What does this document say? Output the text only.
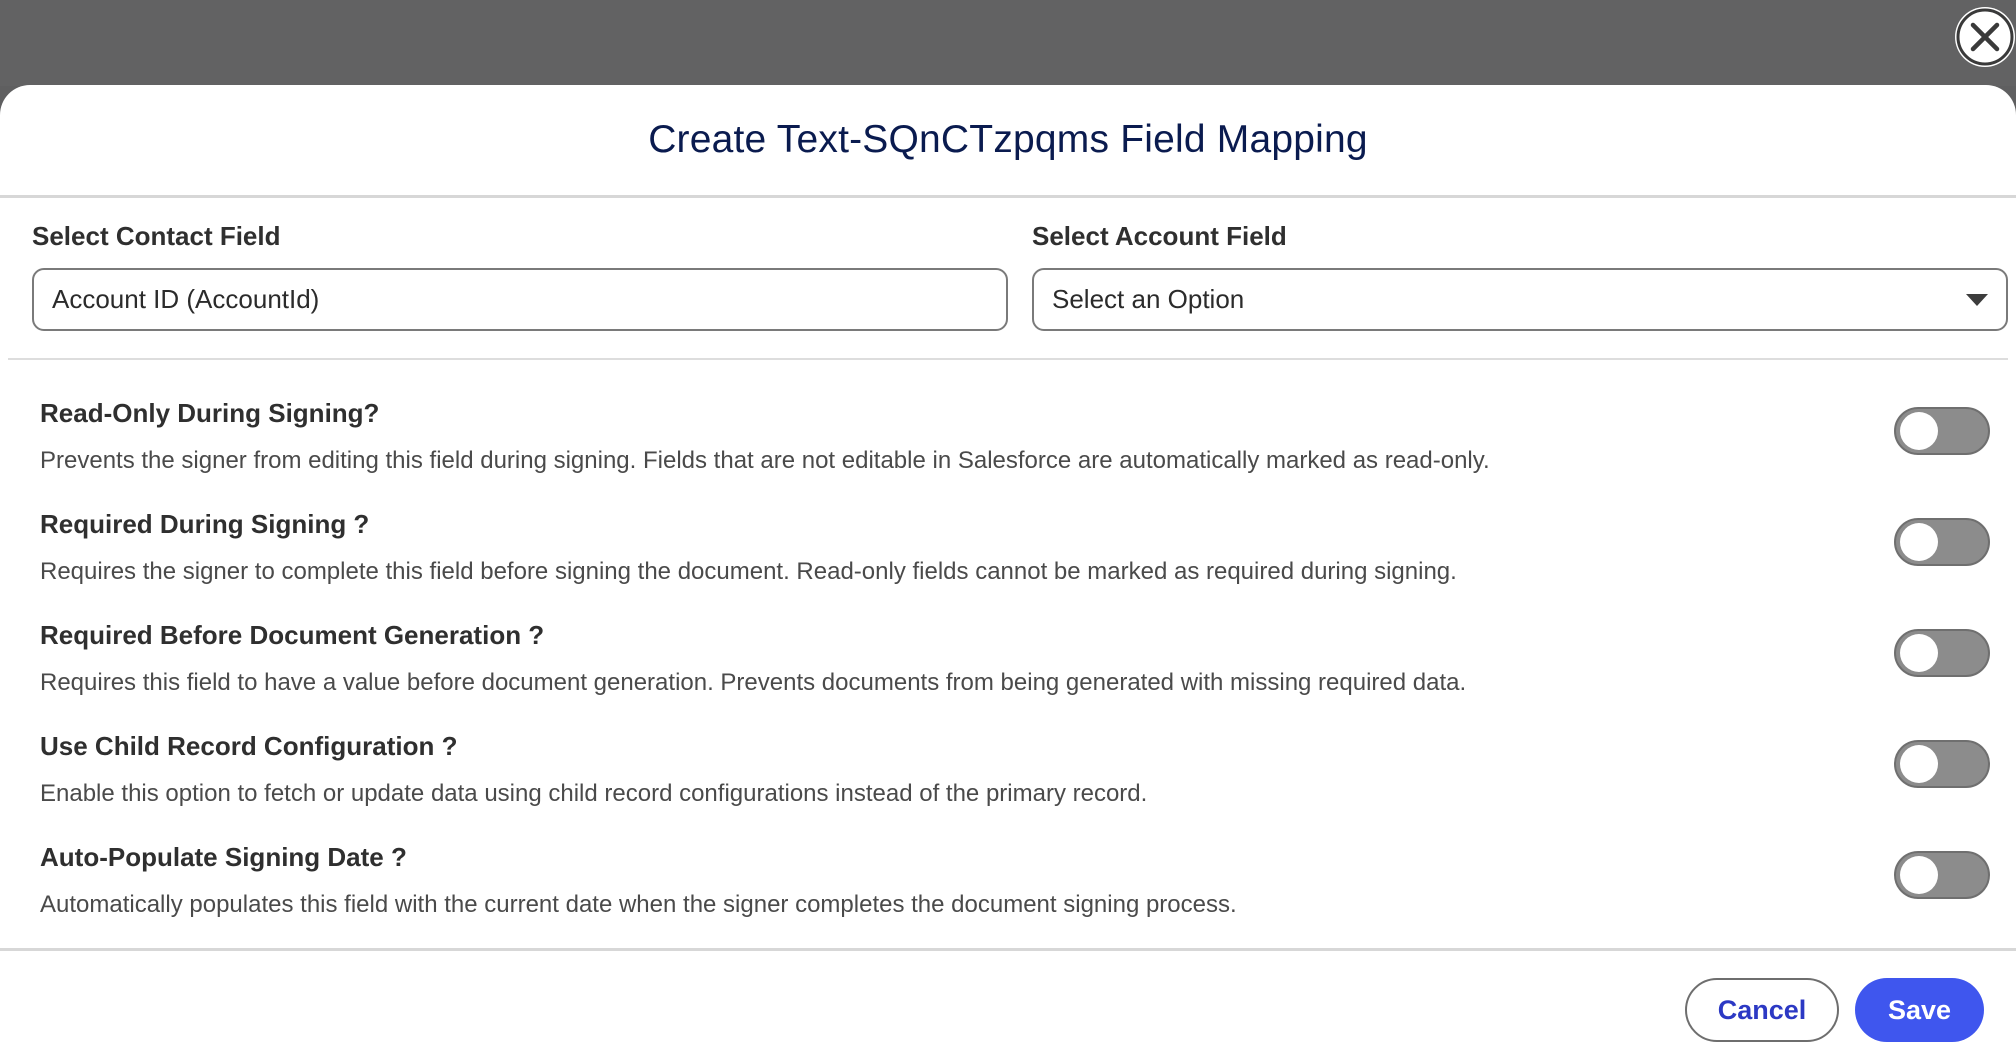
Create Text-SQnCTzpqms Field Mapping
Select Contact Field
Account ID (AccountId)	Select Account Field
Select an Option
Read-Only During Signing?
Prevents the signer from editing this field during signing. Fields that are not editable in Salesforce are automatically marked as read-only.
Required During Signing ?
Requires the signer to complete this field before signing the document. Read-only fields cannot be marked as required during signing.
Required Before Document Generation ?
Requires this field to have a value before document generation. Prevents documents from being generated with missing required data.
Use Child Record Configuration ?
Enable this option to fetch or update data using child record configurations instead of the primary record.
Auto-Populate Signing Date ?
Automatically populates this field with the current date when the signer completes the document signing process.
Cancel	Save
